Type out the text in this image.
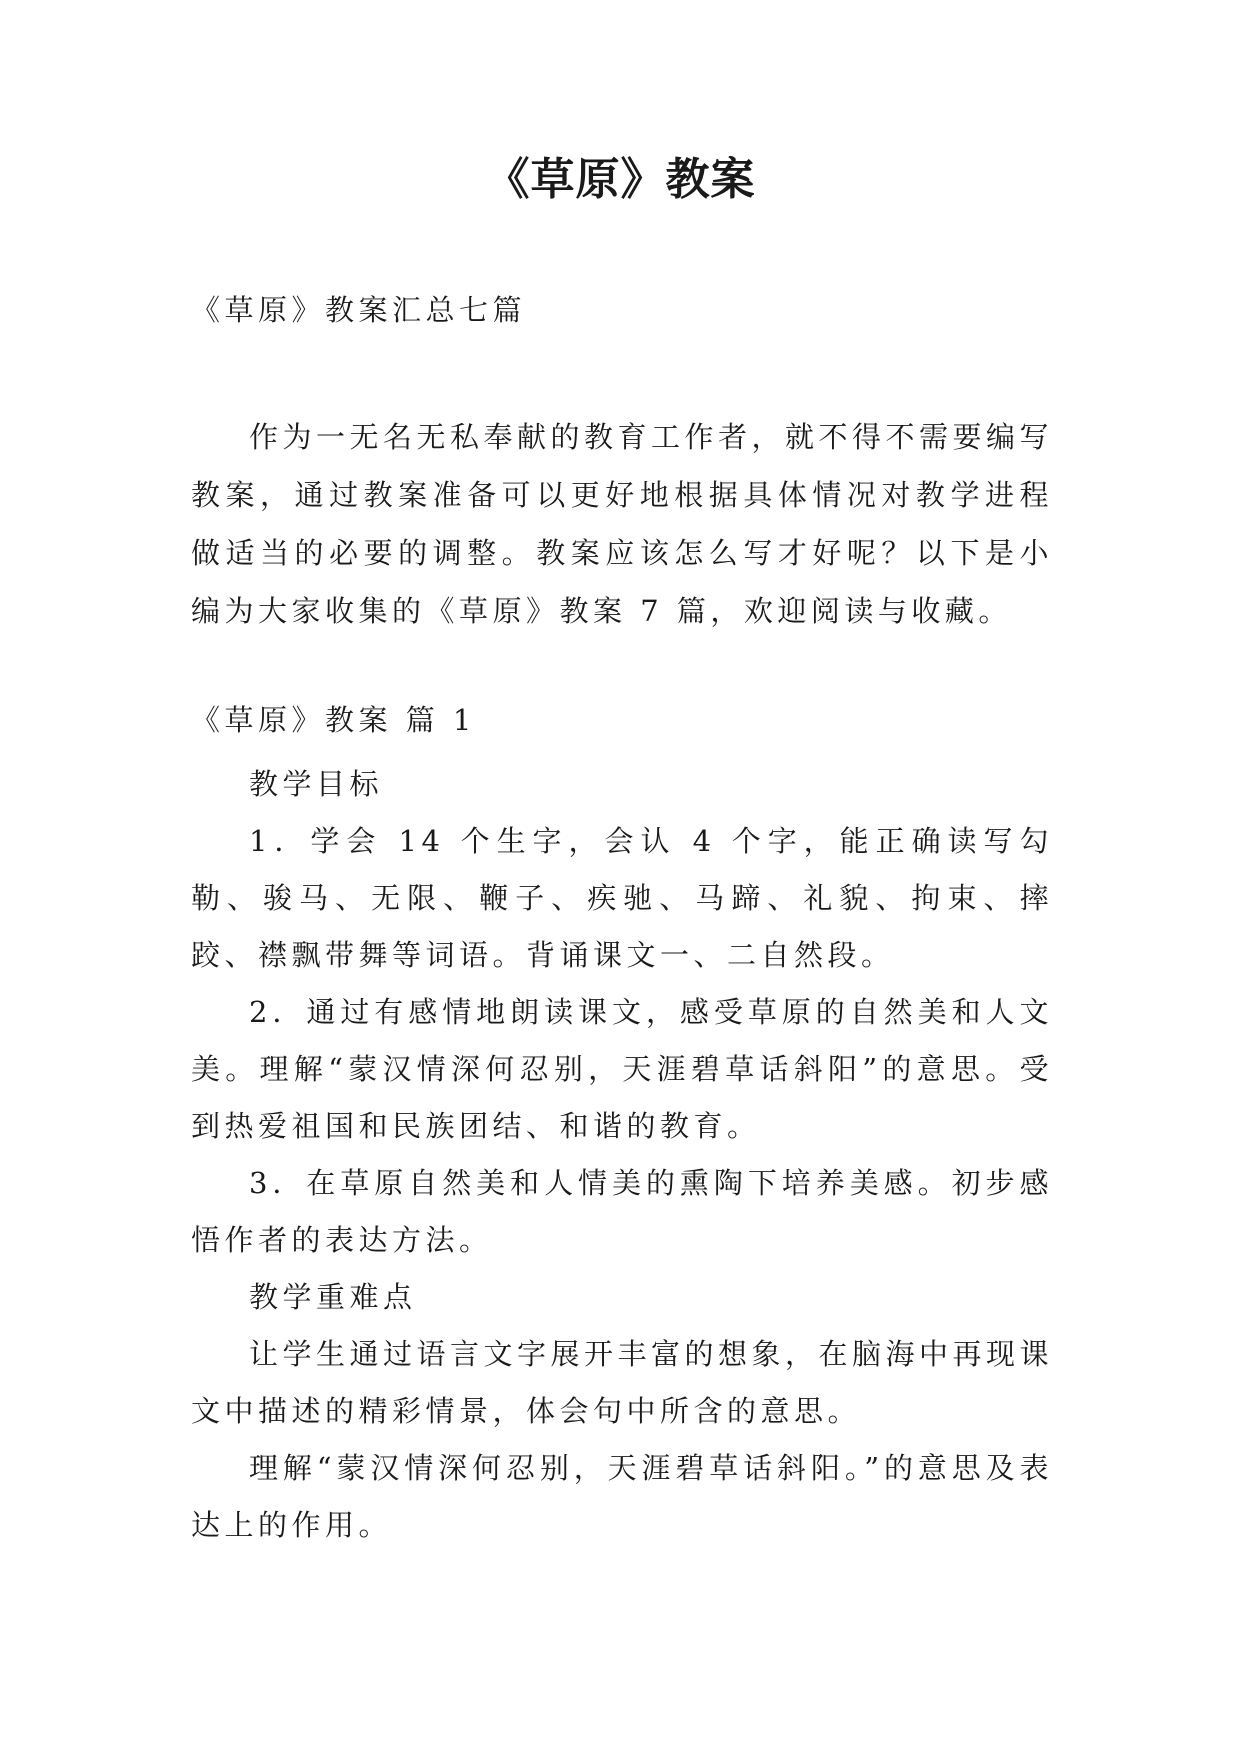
《草原》教案
《草原》教案汇总七篇

作为一无名无私奉献的教育工作者，就不得不需要编写教案，通过教案准备可以更好地根据具体情况对教学进程做适当的必要的调整。教案应该怎么写才好呢？以下是小编为大家收集的《草原》教案 7 篇，欢迎阅读与收藏。

《草原》教案 篇 1

教学目标

1．学会 14 个生字，会认 4 个字，能正确读写勾勒、骏马、无限、鞭子、疾驰、马蹄、礼貌、拘束、摔跤、襟飘带舞等词语。背诵课文一、二自然段。

2．通过有感情地朗读课文，感受草原的自然美和人文美。理解“蒙汉情深何忍别，天涯碧草话斜阳”的意思。受到热爱祖国和民族团结、和谐的教育。

3．在草原自然美和人情美的熏陶下培养美感。初步感悟作者的表达方法。

教学重难点

让学生通过语言文字展开丰富的想象，在脑海中再现课文中描述的精彩情景，体会句中所含的意思。

理解“蒙汉情深何忍别，天涯碧草话斜阳。”的意思及表达上的作用。
